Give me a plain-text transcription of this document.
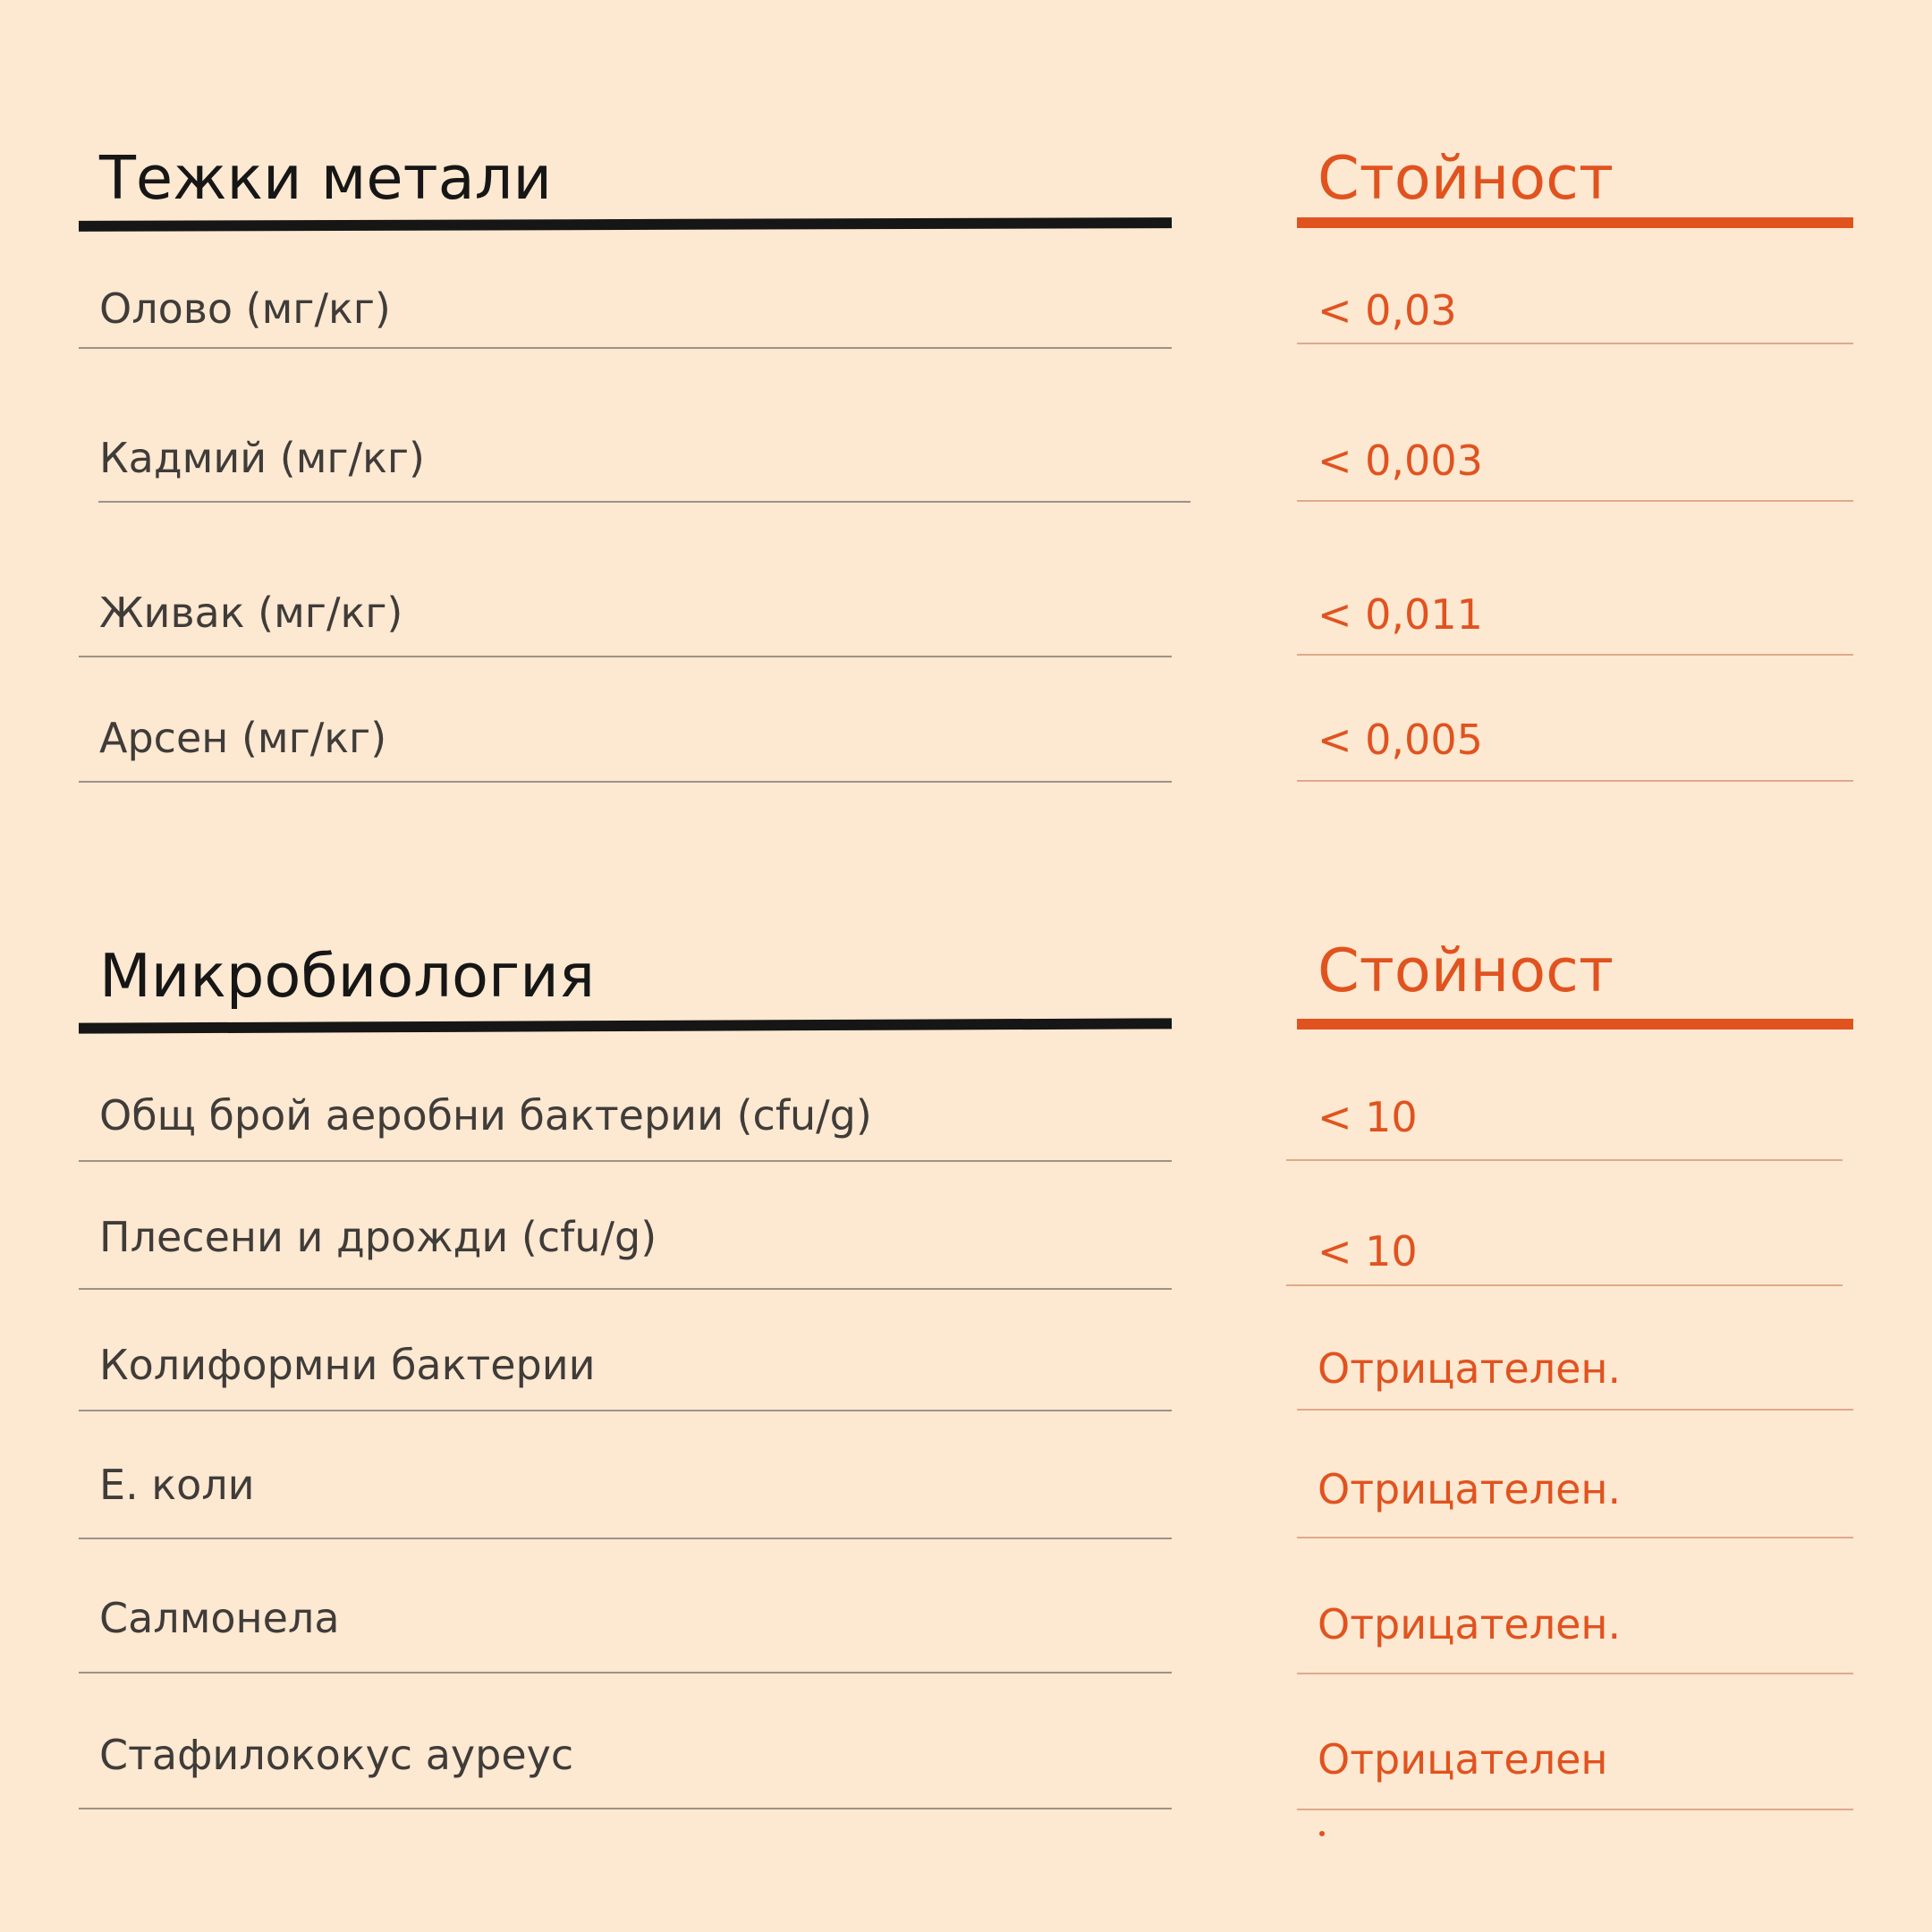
Тежки метали	Стойност
Олово (мг/кг)	< 0,03
Кадмий (мг/кг)	< 0,003
Живак (мг/кг)	< 0,011
Арсен (мг/кг)	< 0,005
Микробиология	Стойност
Общ брой аеробни бактерии (cfu/g)	< 10
Плесени и дрожди (cfu/g)	< 10
Колиформни бактерии	Отрицателен.
E. коли	Отрицателен.
Салмонела	Отрицателен.
Стафилококус ауреус	Отрицателен
